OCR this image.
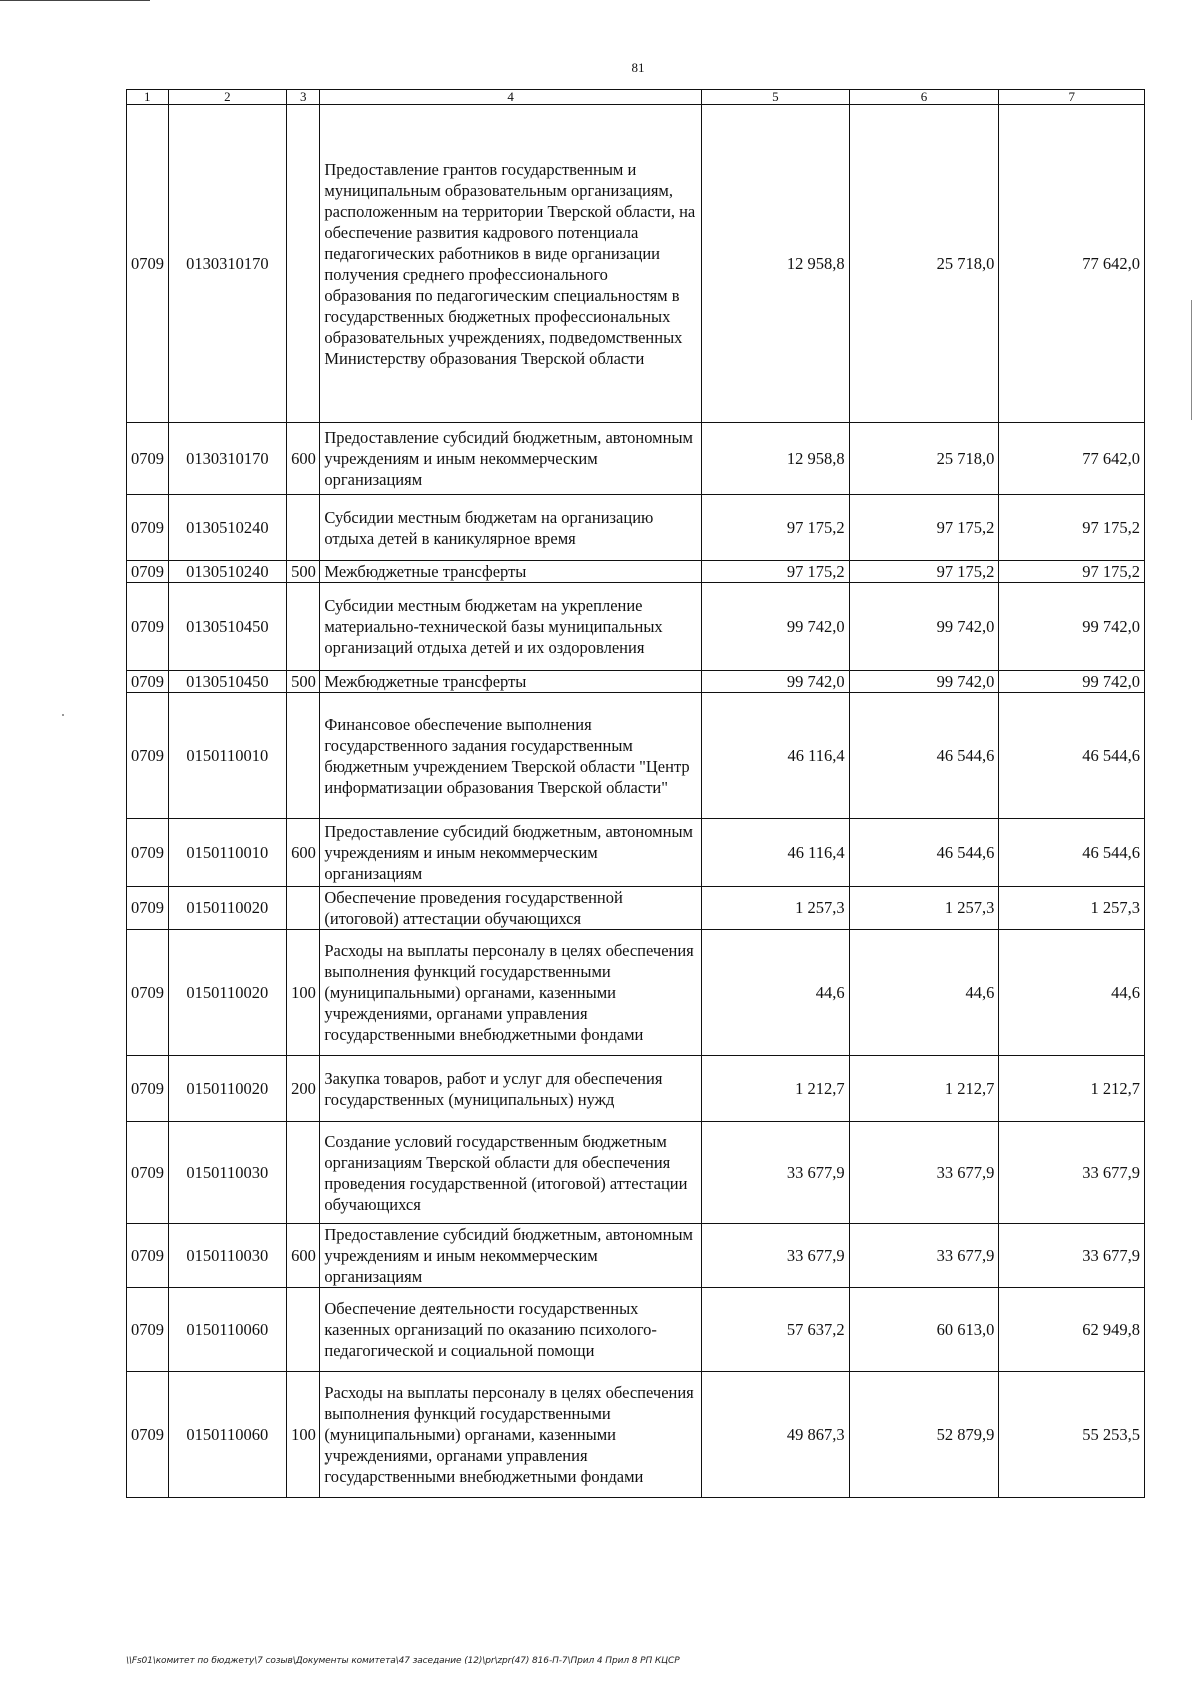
81
1	2	3	4	5	6	7
0709	0130310170		Предоставление грантов государственным и муниципальным образовательным организациям, расположенным на территории Тверской области, на обеспечение развития кадрового потенциала педагогических работников в виде организации получения среднего профессионального образования по педагогическим специальностям в государственных бюджетных профессиональных образовательных учреждениях, подведомственных Министерству образования Тверской области	12 958,8	25 718,0	77 642,0
0709	0130310170	600	Предоставление субсидий бюджетным, автономным учреждениям и иным некоммерческим организациям	12 958,8	25 718,0	77 642,0
0709	0130510240		Субсидии местным бюджетам на организацию отдыха детей в каникулярное время	97 175,2	97 175,2	97 175,2
0709	0130510240	500	Межбюджетные трансферты	97 175,2	97 175,2	97 175,2
0709	0130510450		Субсидии местным бюджетам на укрепление материально-технической базы муниципальных организаций отдыха детей и их оздоровления	99 742,0	99 742,0	99 742,0
0709	0130510450	500	Межбюджетные трансферты	99 742,0	99 742,0	99 742,0
0709	0150110010		Финансовое обеспечение выполнения государственного задания государственным бюджетным учреждением Тверской области "Центр информатизации образования Тверской области"	46 116,4	46 544,6	46 544,6
0709	0150110010	600	Предоставление субсидий бюджетным, автономным учреждениям и иным некоммерческим организациям	46 116,4	46 544,6	46 544,6
0709	0150110020		Обеспечение проведения государственной (итоговой) аттестации обучающихся	1 257,3	1 257,3	1 257,3
0709	0150110020	100	Расходы на выплаты персоналу в целях обеспечения выполнения функций государственными (муниципальными) органами, казенными учреждениями, органами управления государственными внебюджетными фондами	44,6	44,6	44,6
0709	0150110020	200	Закупка товаров, работ и услуг для обеспечения государственных (муниципальных) нужд	1 212,7	1 212,7	1 212,7
0709	0150110030		Создание условий государственным бюджетным организациям Тверской области для обеспечения проведения государственной (итоговой) аттестации обучающихся	33 677,9	33 677,9	33 677,9
0709	0150110030	600	Предоставление субсидий бюджетным, автономным учреждениям и иным некоммерческим организациям	33 677,9	33 677,9	33 677,9
0709	0150110060		Обеспечение деятельности государственных казенных организаций по оказанию психолого-педагогической и социальной помощи	57 637,2	60 613,0	62 949,8
0709	0150110060	100	Расходы на выплаты персоналу в целях обеспечения выполнения функций государственными (муниципальными) органами, казенными учреждениями, органами управления государственными внебюджетными фондами	49 867,3	52 879,9	55 253,5
\\Fs01\комитет по бюджету\7 созыв\Документы комитета\47 заседание (12)\pr\zpr(47) 816-П-7\Прил 4 Прил 8 РП КЦСР
